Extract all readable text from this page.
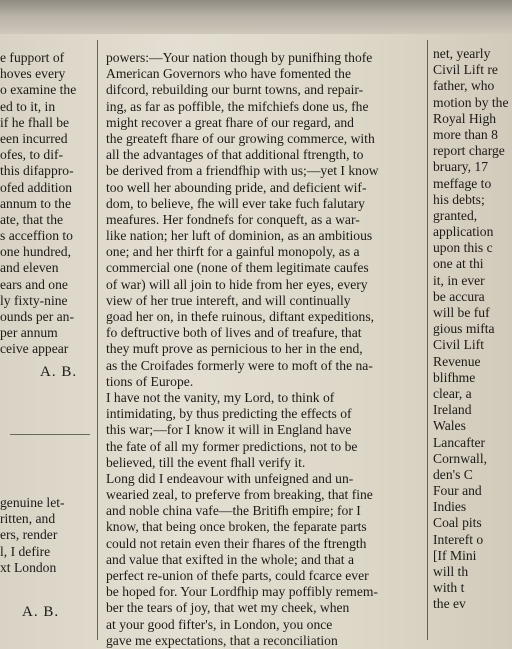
e fupport of
hoves every
o examine the
ed to it, in
if he fhall be
een incurred
ofes, to dif-
this difappro-
ofed addition
annum to the
ate, that the
s acceffion to
one hundred,
and eleven
ears and one
ly fixty-nine
ounds per an-
per annum
ceive appear
A. B.
genuine let-
ritten, and
ers, render
l, I defire
xt London
A. B.
powers:—Your nation though by punifhing thofe
American Governors who have fomented the
difcord, rebuilding our burnt towns, and repair-
ing, as far as poffible, the mifchiefs done us, fhe
might recover a great fhare of our regard, and
the greateft fhare of our growing commerce, with
all the advantages of that additional ftrength, to
be derived from a friendfhip with us;—yet I know
too well her abounding pride, and deficient wif-
dom, to believe, fhe will ever take fuch falutary
meafures. Her fondnefs for conqueft, as a war-
like nation; her luft of dominion, as an ambitious
one; and her thirft for a gainful monopoly, as a
commercial one (none of them legitimate caufes
of war) will all join to hide from her eyes, every
view of her true intereft, and will continually
goad her on, in thefe ruinous, diftant expeditions,
fo deftructive both of lives and of treafure, that
they muft prove as pernicious to her in the end,
as the Croifades formerly were to moft of the na-
tions of Europe.
I have not the vanity, my Lord, to think of
intimidating, by thus predicting the effects of
this war;—for I know it will in England have
the fate of all my former predictions, not to be
believed, till the event fhall verify it.
Long did I endeavour with unfeigned and un-
wearied zeal, to preferve from breaking, that fine
and noble china vafe—the Britifh empire; for I
know, that being once broken, the feparate parts
could not retain even their fhares of the ftrength
and value that exifted in the whole; and that a
perfect re-union of thefe parts, could fcarce ever
be hoped for. Your Lordfhip may poffibly remem-
ber the tears of joy, that wet my cheek, when
at your good fifter's, in London, you once
gave me expectations, that a reconciliation
net, yearly
Civil Lift re
father, who
motion by the
Royal High
more than 8
report charge
bruary, 17
meffage to
his debts;
granted,
application
upon this c
one at thi
it, in ever
be accura
will be fuf
gious mifta
Civil Lift
Revenue
blifhme
clear, a
Ireland
Wales
Lancafter
Cornwall,
den's C
Four and
Indies
Coal pits
Intereft o
[If Mini
will th
with t
the ev
